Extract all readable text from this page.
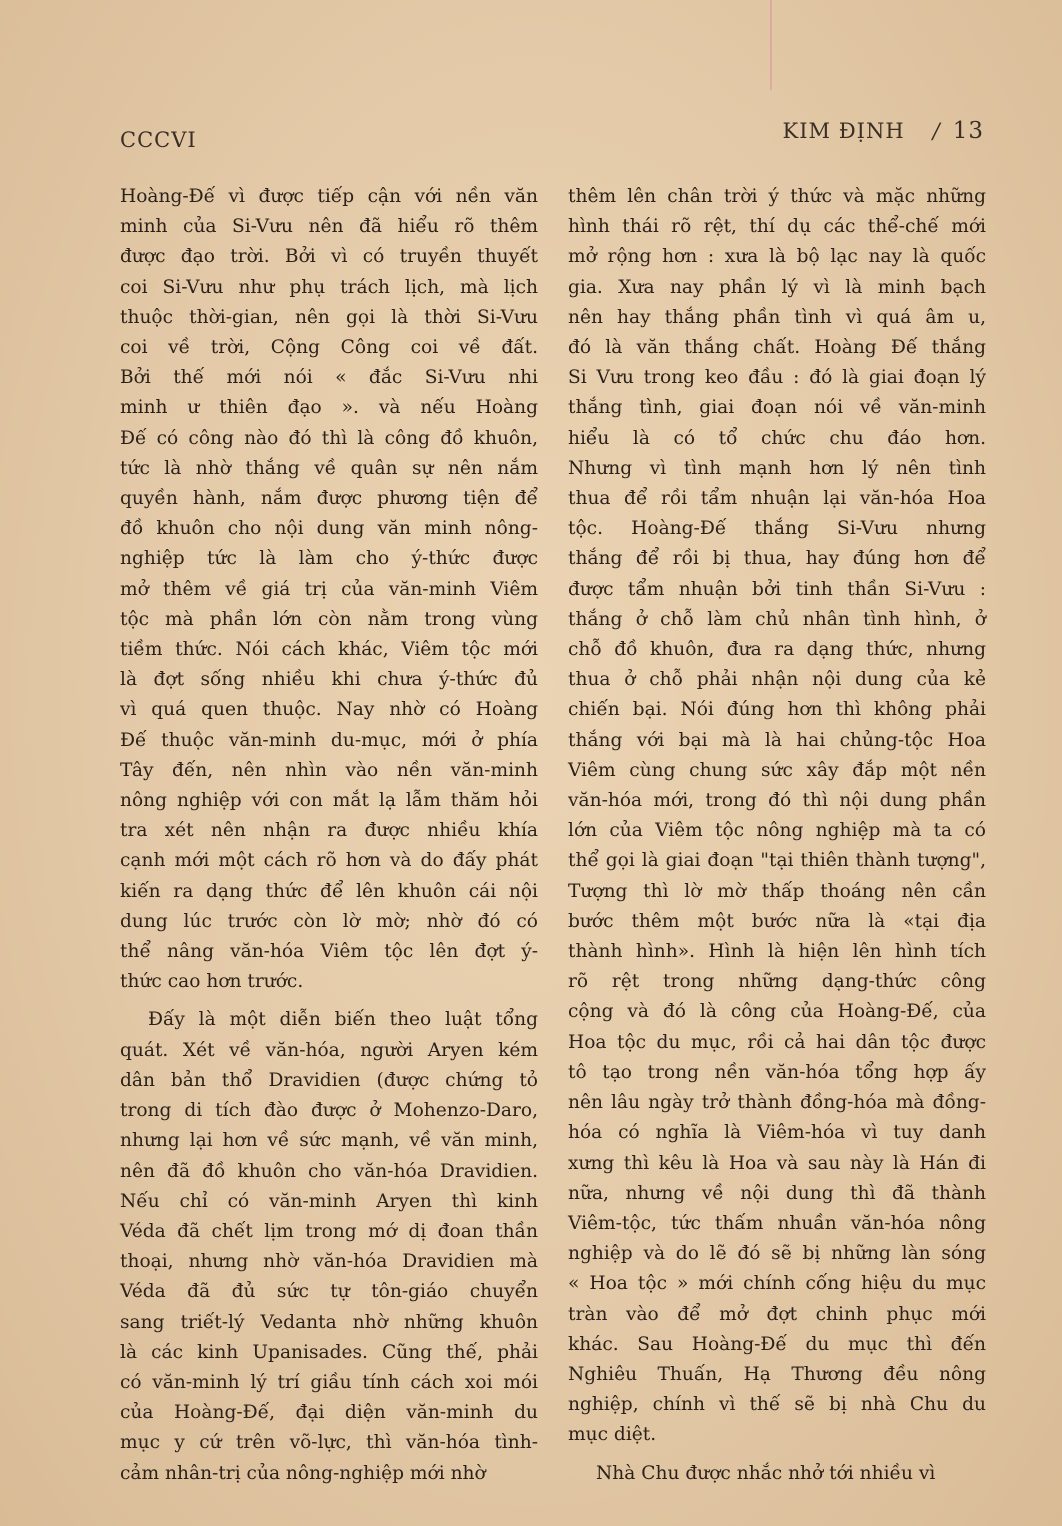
CCCVI	KIM ĐỊNH / 13
Hoàng-Đế vì được tiếp cận với nền văn
minh của Si-Vưu nên đã hiểu rõ thêm
được đạo trời. Bởi vì có truyền thuyết
coi Si-Vưu như phụ trách lịch, mà lịch
thuộc thời-gian, nên gọi là thời Si-Vưu
coi về trời, Cộng Công coi về đất.
Bởi thế mới nói « đắc Si-Vưu nhi
minh ư thiên đạo ». và nếu Hoàng
Đế có công nào đó thì là công đồ khuôn,
tức là nhờ thắng về quân sự nên nắm
quyền hành, nắm được phương tiện để
đồ khuôn cho nội dung văn minh nông-
nghiệp tức là làm cho ý-thức được
mở thêm về giá trị của văn-minh Viêm
tộc mà phần lớn còn nằm trong vùng
tiềm thức. Nói cách khác, Viêm tộc mới
là đợt sống nhiều khi chưa ý-thức đủ
vì quá quen thuộc. Nay nhờ có Hoàng
Đế thuộc văn-minh du-mục, mới ở phía
Tây đến, nên nhìn vào nền văn-minh
nông nghiệp với con mắt lạ lẫm thăm hỏi
tra xét nên nhận ra được nhiều khía
cạnh mới một cách rõ hơn và do đấy phát
kiến ra dạng thức để lên khuôn cái nội
dung lúc trước còn lờ mờ; nhờ đó có
thể nâng văn-hóa Viêm tộc lên đợt ý-
thức cao hơn trước.
Đấy là một diễn biến theo luật tổng
quát. Xét về văn-hóa, người Aryen kém
dân bản thổ Dravidien (được chứng tỏ
trong di tích đào được ở Mohenzo-Daro,
nhưng lại hơn về sức mạnh, về văn minh,
nên đã đồ khuôn cho văn-hóa Dravidien.
Nếu chỉ có văn-minh Aryen thì kinh
Véda đã chết lịm trong mớ dị đoan thần
thoại, nhưng nhờ văn-hóa Dravidien mà
Véda đã đủ sức tự tôn-giáo chuyển
sang triết-lý Vedanta nhờ những khuôn
là các kinh Upanisades. Cũng thế, phải
có văn-minh lý trí giầu tính cách xoi mói
của Hoàng-Đế, đại diện văn-minh du
mục y cứ trên võ-lực, thì văn-hóa tình-
cảm nhân-trị của nông-nghiệp mới nhờ
thêm lên chân trời ý thức và mặc những
hình thái rõ rệt, thí dụ các thể-chế mới
mở rộng hơn : xưa là bộ lạc nay là quốc
gia. Xưa nay phần lý vì là minh bạch
nên hay thắng phần tình vì quá âm u,
đó là văn thắng chất. Hoàng Đế thắng
Si Vưu trong keo đầu : đó là giai đoạn lý
thắng tình, giai đoạn nói về văn-minh
hiểu là có tổ chức chu đáo hơn.
Nhưng vì tình mạnh hơn lý nên tình
thua để rồi tẩm nhuận lại văn-hóa Hoa
tộc. Hoàng-Đế thắng Si-Vưu nhưng
thắng để rồi bị thua, hay đúng hơn để
được tẩm nhuận bởi tinh thần Si-Vưu :
thắng ở chỗ làm chủ nhân tình hình, ở
chỗ đồ khuôn, đưa ra dạng thức, nhưng
thua ở chỗ phải nhận nội dung của kẻ
chiến bại. Nói đúng hơn thì không phải
thắng với bại mà là hai chủng-tộc Hoa
Viêm cùng chung sức xây đắp một nền
văn-hóa mới, trong đó thì nội dung phần
lớn của Viêm tộc nông nghiệp mà ta có
thể gọi là giai đoạn "tại thiên thành tượng",
Tượng thì lờ mờ thấp thoáng nên cần
bước thêm một bước nữa là «tại địa
thành hình». Hình là hiện lên hình tích
rõ rệt trong những dạng-thức công
cộng và đó là công của Hoàng-Đế, của
Hoa tộc du mục, rồi cả hai dân tộc được
tô tạo trong nền văn-hóa tổng hợp ấy
nên lâu ngày trở thành đồng-hóa mà đồng-
hóa có nghĩa là Viêm-hóa vì tuy danh
xưng thì kêu là Hoa và sau này là Hán đi
nữa, nhưng về nội dung thì đã thành
Viêm-tộc, tức thấm nhuần văn-hóa nông
nghiệp và do lẽ đó sẽ bị những làn sóng
« Hoa tộc » mới chính cống hiệu du mục
tràn vào để mở đợt chinh phục mới
khác. Sau Hoàng-Đế du mục thì đến
Nghiêu Thuấn, Hạ Thương đều nông
nghiệp, chính vì thế sẽ bị nhà Chu du
mục diệt.
Nhà Chu được nhắc nhở tới nhiều vì
